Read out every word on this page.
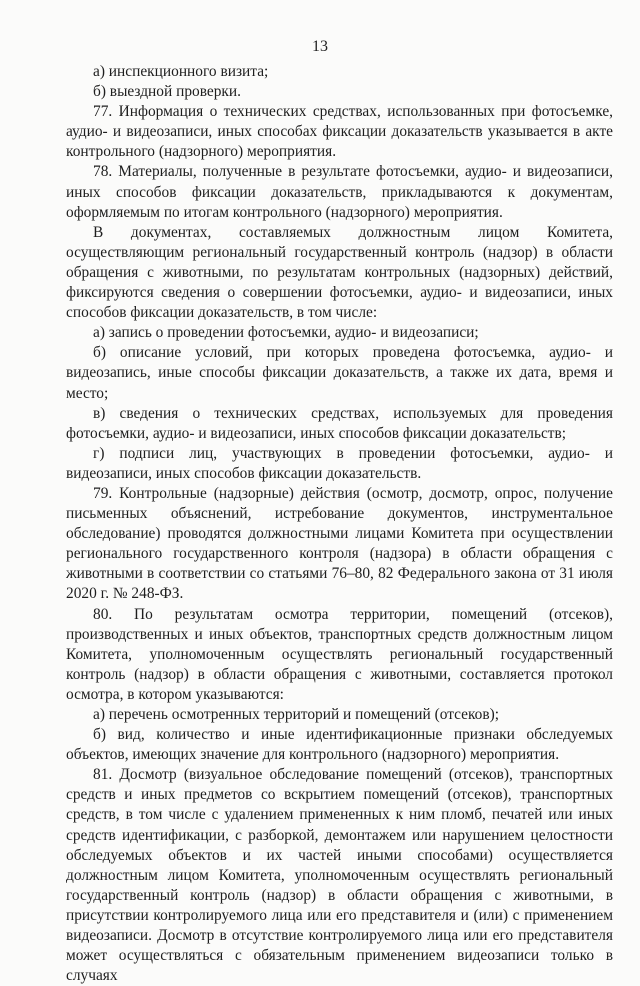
13

а) инспекционного визита;

б) выездной проверки.

77. Информация о технических средствах, использованных при фотосъемке, аудио- и видеозаписи, иных способах фиксации доказательств указывается в акте контрольного (надзорного) мероприятия.

78. Материалы, полученные в результате фотосъемки, аудио- и видеозаписи, иных способов фиксации доказательств, прикладываются к документам, оформляемым по итогам контрольного (надзорного) мероприятия.

В документах, составляемых должностным лицом Комитета, осуществляющим региональный государственный контроль (надзор) в области обращения с животными, по результатам контрольных (надзорных) действий, фиксируются сведения о совершении фотосъемки, аудио- и видеозаписи, иных способов фиксации доказательств, в том числе:

а) запись о проведении фотосъемки, аудио- и видеозаписи;

б) описание условий, при которых проведена фотосъемка, аудио- и видеозапись, иные способы фиксации доказательств, а также их дата, время и место;

в) сведения о технических средствах, используемых для проведения фотосъемки, аудио- и видеозаписи, иных способов фиксации доказательств;

г) подписи лиц, участвующих в проведении фотосъемки, аудио- и видеозаписи, иных способов фиксации доказательств.

79. Контрольные (надзорные) действия (осмотр, досмотр, опрос, получение письменных объяснений, истребование документов, инструментальное обследование) проводятся должностными лицами Комитета при осуществлении регионального государственного контроля (надзора) в области обращения с животными в соответствии со статьями 76–80, 82 Федерального закона от 31 июля 2020 г. № 248-ФЗ.

80. По результатам осмотра территории, помещений (отсеков), производственных и иных объектов, транспортных средств должностным лицом Комитета, уполномоченным осуществлять региональный государственный контроль (надзор) в области обращения с животными, составляется протокол осмотра, в котором указываются:

а) перечень осмотренных территорий и помещений (отсеков);

б) вид, количество и иные идентификационные признаки обследуемых объектов, имеющих значение для контрольного (надзорного) мероприятия.

81. Досмотр (визуальное обследование помещений (отсеков), транспортных средств и иных предметов со вскрытием помещений (отсеков), транспортных средств, в том числе с удалением примененных к ним пломб, печатей или иных средств идентификации, с разборкой, демонтажем или нарушением целостности обследуемых объектов и их частей иными способами) осуществляется должностным лицом Комитета, уполномоченным осуществлять региональный государственный контроль (надзор) в области обращения с животными, в присутствии контролируемого лица или его представителя и (или) с применением видеозаписи. Досмотр в отсутствие контролируемого лица или его представителя может осуществляться с обязательным применением видеозаписи только в случаях
